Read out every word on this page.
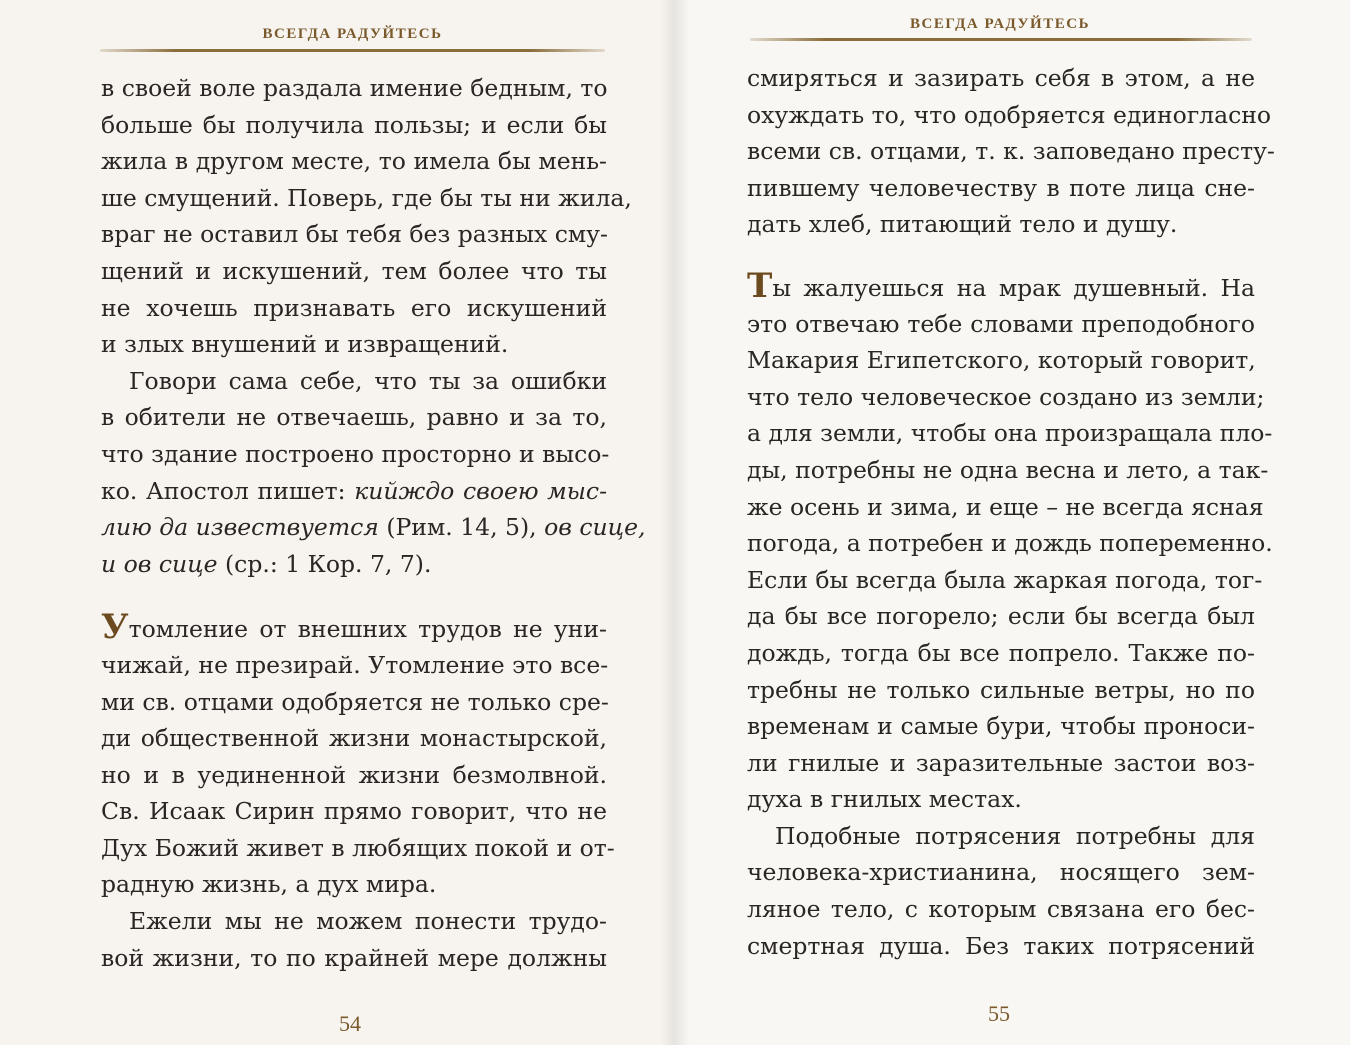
ВСЕГДА РАДУЙТЕСЬ
в своей воле раздала имение бедным, то
больше бы получила пользы; и если бы
жила в другом месте, то имела бы мень-
ше смущений. Поверь, где бы ты ни жила,
враг не оставил бы тебя без разных сму-
щений и искушений, тем более что ты
не хочешь признавать его искушений
и злых внушений и извращений.
Говори сама себе, что ты за ошибки
в обители не отвечаешь, равно и за то,
что здание построено просторно и высо-
ко. Апостол пишет: кийждо своею мыс-
лию да извествуется (Рим. 14, 5), ов сице,
и ов сице (ср.: 1 Кор. 7, 7).
Утомление от внешних трудов не уни-
чижай, не презирай. Утомление это все-
ми св. отцами одобряется не только сре-
ди общественной жизни монастырской,
но и в уединенной жизни безмолвной.
Св. Исаак Сирин прямо говорит, что не
Дух Божий живет в любящих покой и от-
радную жизнь, а дух мира.
Ежели мы не можем понести трудо-
вой жизни, то по крайней мере должны
54
ВСЕГДА РАДУЙТЕСЬ
смиряться и зазирать себя в этом, а не
охуждать то, что одобряется единогласно
всеми св. отцами, т. к. заповедано престу-
пившему человечеству в поте лица сне-
дать хлеб, питающий тело и душу.
Ты жалуешься на мрак душевный. На
это отвечаю тебе словами преподобного
Макария Египетского, который говорит,
что тело человеческое создано из земли;
а для земли, чтобы она произращала пло-
ды, потребны не одна весна и лето, а так-
же осень и зима, и еще – не всегда ясная
погода, а потребен и дождь попеременно.
Если бы всегда была жаркая погода, тог-
да бы все погорело; если бы всегда был
дождь, тогда бы все попрело. Также по-
требны не только сильные ветры, но по
временам и самые бури, чтобы проноси-
ли гнилые и заразительные застои воз-
духа в гнилых местах.
Подобные потрясения потребны для
человека-христианина, носящего зем-
ляное тело, с которым связана его бес-
смертная душа. Без таких потрясений
55
